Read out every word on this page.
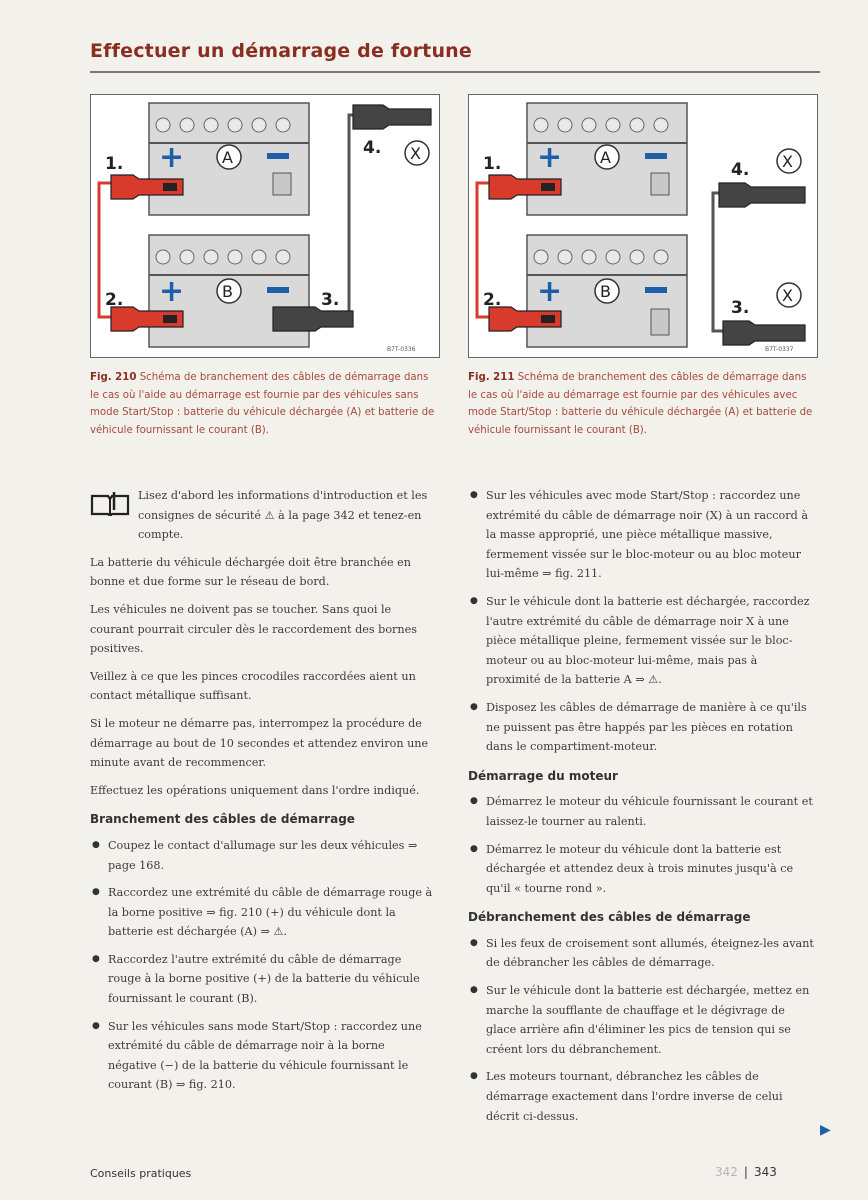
Effectuer un démarrage de fortune
+ A
+ B
1.
2.	3.
4. X
B7T-0336
+ A
+ B
1.
2.
4. X
3.
X
B7T-0337
Fig. 210 Schéma de branchement des câbles de démarrage dans le cas où l'aide au démarrage est fournie par des véhicules sans mode Start/Stop : batterie du véhicule déchargée (A) et batterie de véhicule fournissant le courant (B).
Fig. 211 Schéma de branchement des câbles de démarrage dans le cas où l'aide au démarrage est fournie par des véhicules avec mode Start/Stop : batterie du véhicule déchargée (A) et batterie de véhicule fournissant le courant (B).
Lisez d'abord les informations d'introduction et les consignes de sécurité ⚠ à la page 342 et tenez-en compte.

La batterie du véhicule déchargée doit être branchée en bonne et due forme sur le réseau de bord.

Les véhicules ne doivent pas se toucher. Sans quoi le courant pourrait circuler dès le raccordement des bornes positives.

Veillez à ce que les pinces crocodiles raccordées aient un contact métallique suffisant.

Si le moteur ne démarre pas, interrompez la procédure de démarrage au bout de 10 secondes et attendez environ une minute avant de recommencer.

Effectuez les opérations uniquement dans l'ordre indiqué.

Branchement des câbles de démarrage
● Coupez le contact d'allumage sur les deux véhicules ⇒ page 168.
● Raccordez une extrémité du câble de démarrage rouge à la borne positive ⇒ fig. 210 (+) du véhicule dont la batterie est déchargée (A) ⇒ ⚠.
● Raccordez l'autre extrémité du câble de démarrage rouge à la borne positive (+) de la batterie du véhicule fournissant le courant (B).
● Sur les véhicules sans mode Start/Stop : raccordez une extrémité du câble de démarrage noir à la borne négative (−) de la batterie du véhicule fournissant le courant (B) ⇒ fig. 210.
● Sur les véhicules avec mode Start/Stop : raccordez une extrémité du câble de démarrage noir (X) à un raccord à la masse approprié, une pièce métallique massive, fermement vissée sur le bloc-moteur ou au bloc moteur lui-même ⇒ fig. 211.
● Sur le véhicule dont la batterie est déchargée, raccordez l'autre extrémité du câble de démarrage noir X à une pièce métallique pleine, fermement vissée sur le bloc-moteur ou au bloc-moteur lui-même, mais pas à proximité de la batterie A ⇒ ⚠.
● Disposez les câbles de démarrage de manière à ce qu'ils ne puissent pas être happés par les pièces en rotation dans le compartiment-moteur.
Démarrage du moteur
● Démarrez le moteur du véhicule fournissant le courant et laissez-le tourner au ralenti.
● Démarrez le moteur du véhicule dont la batterie est déchargée et attendez deux à trois minutes jusqu'à ce qu'il « tourne rond ».
Débranchement des câbles de démarrage
● Si les feux de croisement sont allumés, éteignez-les avant de débrancher les câbles de démarrage.
● Sur le véhicule dont la batterie est déchargée, mettez en marche la soufflante de chauffage et le dégivrage de glace arrière afin d'éliminer les pics de tension qui se créent lors du débranchement.
● Les moteurs tournant, débranchez les câbles de démarrage exactement dans l'ordre inverse de celui décrit ci-dessus.
▶
Conseils pratiques	342 | 343
